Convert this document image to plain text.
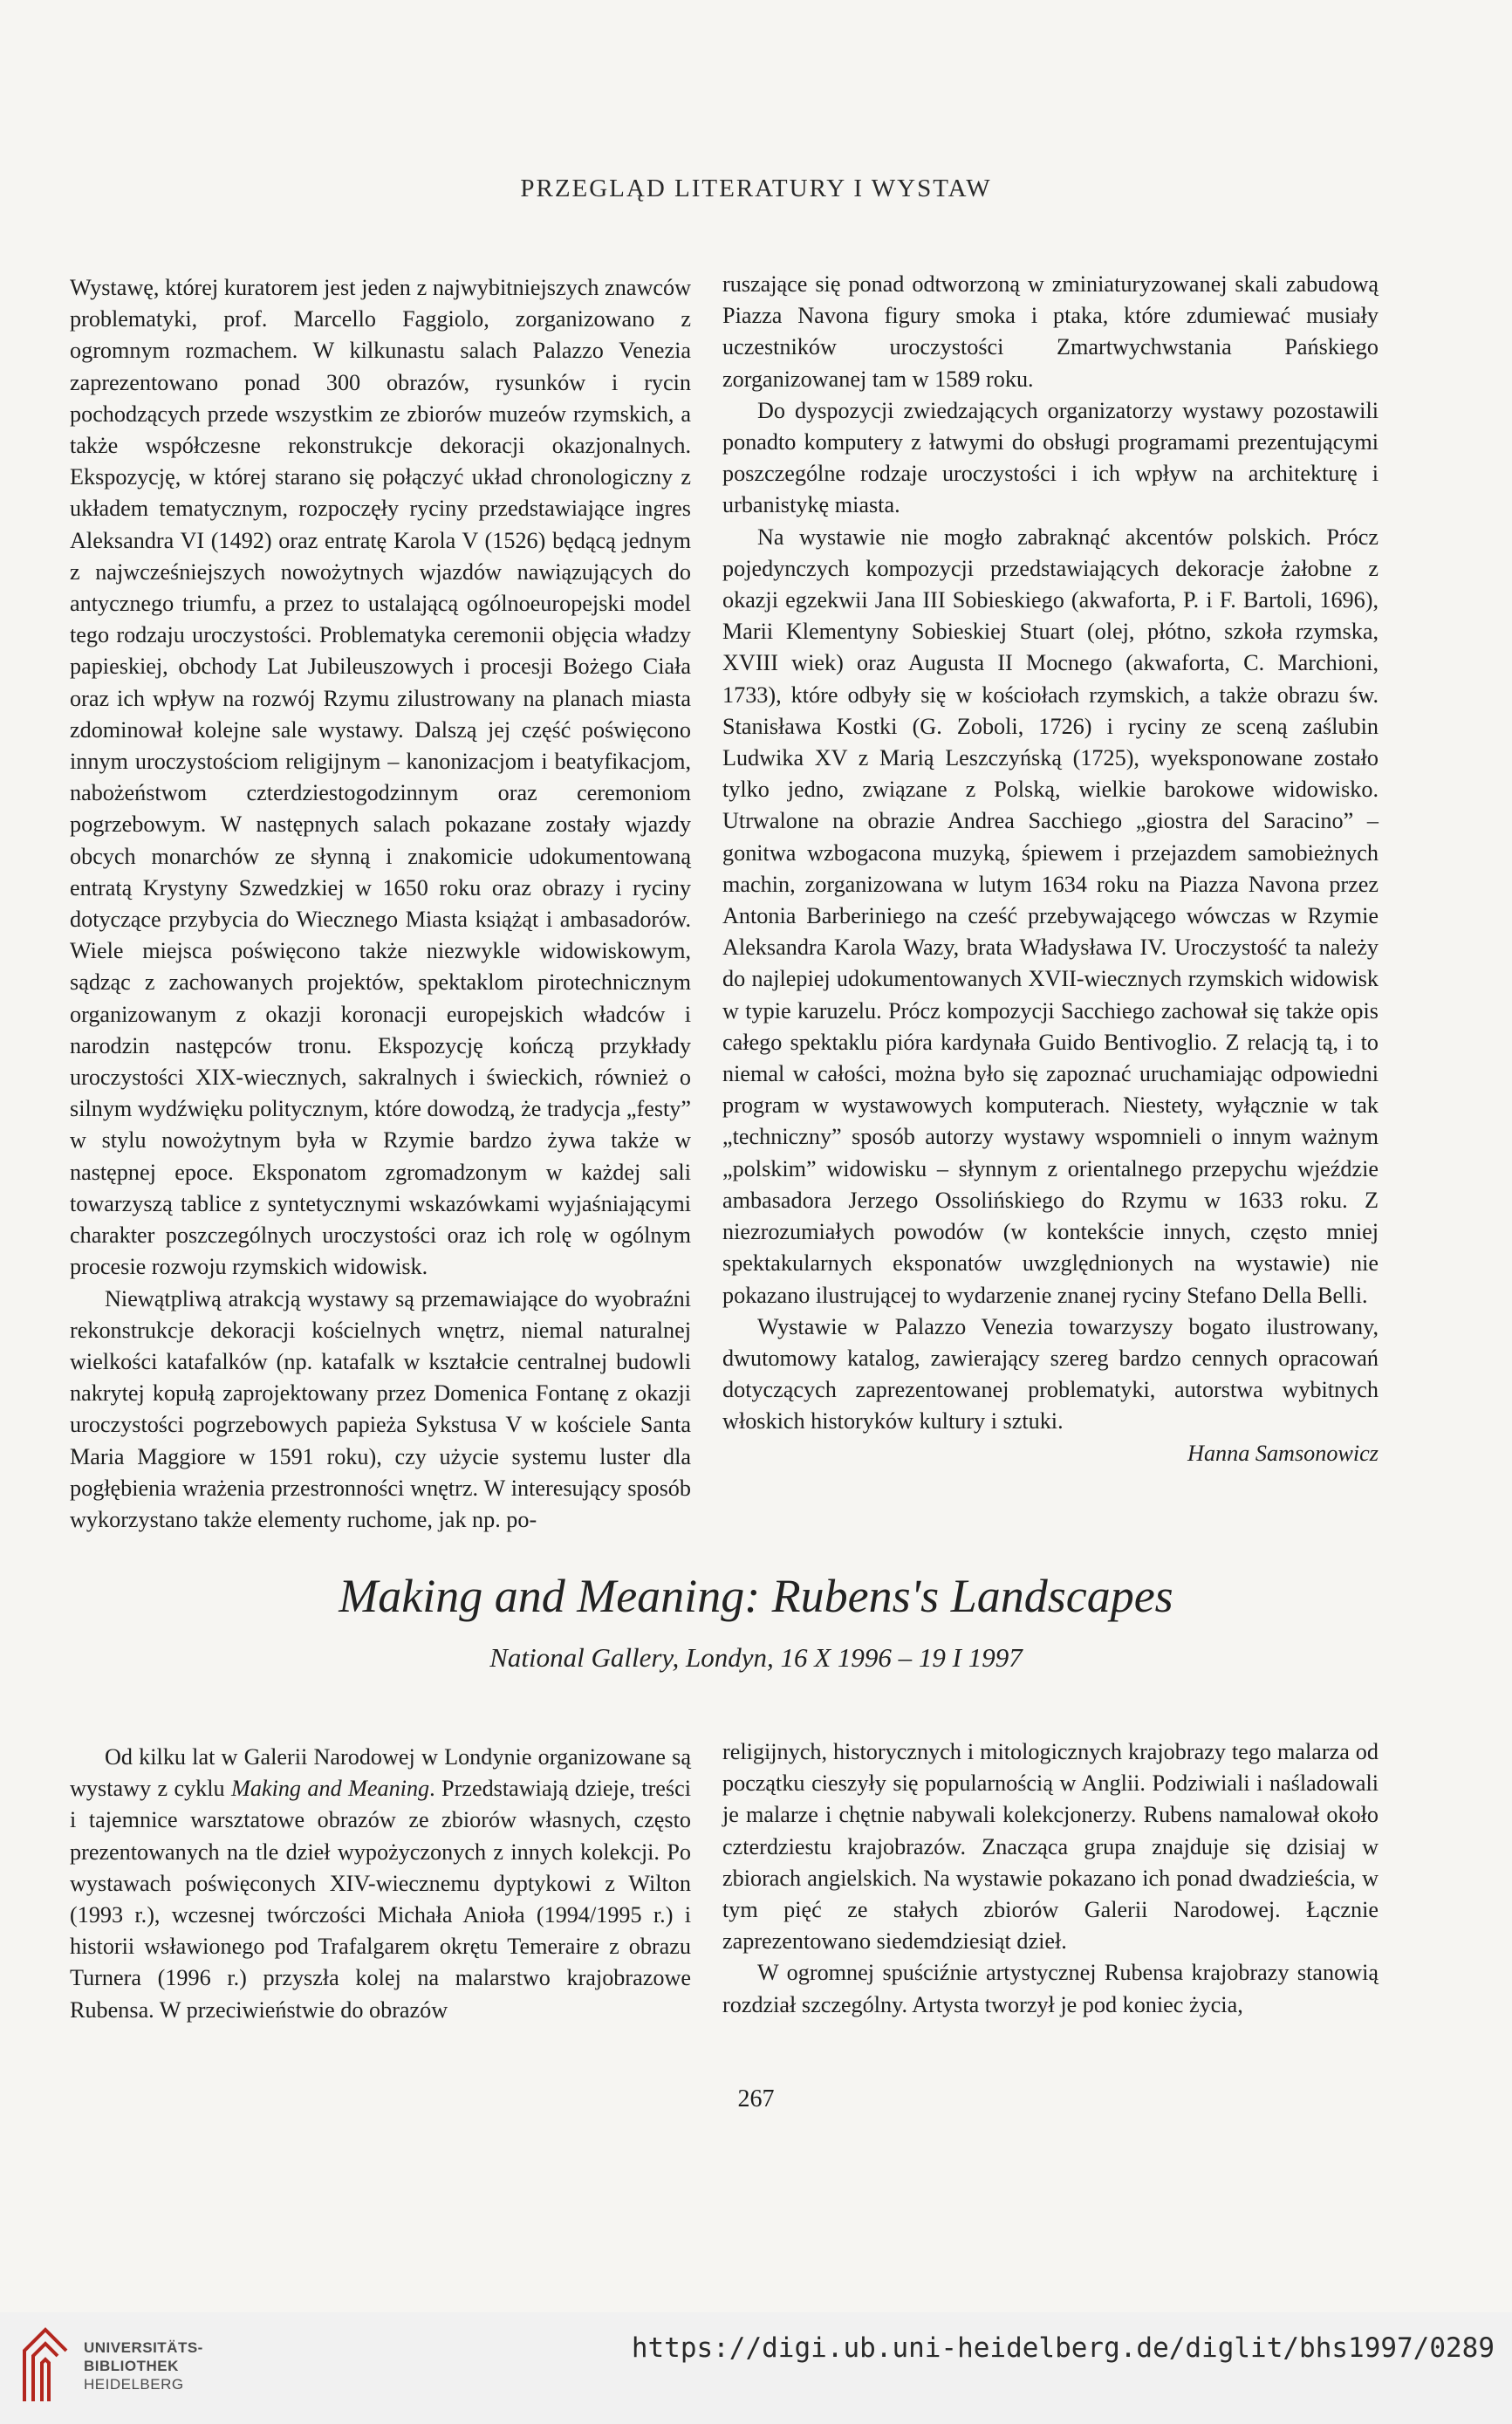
PRZEGLĄD LITERATURY I WYSTAW

Wystawę, której kuratorem jest jeden z najwybitniejszych znawców problematyki, prof. Marcello Faggiolo, zorganizowano z ogromnym rozmachem. W kilkunastu salach Palazzo Venezia zaprezentowano ponad 300 obrazów, rysunków i rycin pochodzących przede wszystkim ze zbiorów muzeów rzymskich, a także współczesne rekonstrukcje dekoracji okazjonalnych. Ekspozycję, w której starano się połączyć układ chronologiczny z układem tematycznym, rozpoczęły ryciny przedstawiające ingres Aleksandra VI (1492) oraz entratę Karola V (1526) będącą jednym z najwcześniejszych nowożytnych wjazdów nawiązujących do antycznego triumfu, a przez to ustalającą ogólnoeuropejski model tego rodzaju uroczystości. Problematyka ceremonii objęcia władzy papieskiej, obchody Lat Jubileuszowych i procesji Bożego Ciała oraz ich wpływ na rozwój Rzymu zilustrowany na planach miasta zdominował kolejne sale wystawy. Dalszą jej część poświęcono innym uroczystościom religijnym – kanonizacjom i beatyfikacjom, nabożeństwom czterdziestogodzinnym oraz ceremoniom pogrzebowym. W następnych salach pokazane zostały wjazdy obcych monarchów ze słynną i znakomicie udokumentowaną entratą Krystyny Szwedzkiej w 1650 roku oraz obrazy i ryciny dotyczące przybycia do Wiecznego Miasta książąt i ambasadorów. Wiele miejsca poświęcono także niezwykle widowiskowym, sądząc z zachowanych projektów, spektaklom pirotechnicznym organizowanym z okazji koronacji europejskich władców i narodzin następców tronu. Ekspozycję kończą przykłady uroczystości XIX-wiecznych, sakralnych i świeckich, również o silnym wydźwięku politycznym, które dowodzą, że tradycja „festy” w stylu nowożytnym była w Rzymie bardzo żywa także w następnej epoce. Eksponatom zgromadzonym w każdej sali towarzyszą tablice z syntetycznymi wskazówkami wyjaśniającymi charakter poszczególnych uroczystości oraz ich rolę w ogólnym procesie rozwoju rzymskich widowisk.

Niewątpliwą atrakcją wystawy są przemawiające do wyobraźni rekonstrukcje dekoracji kościelnych wnętrz, niemal naturalnej wielkości katafalków (np. katafalk w kształcie centralnej budowli nakrytej kopułą zaprojektowany przez Domenica Fontanę z okazji uroczystości pogrzebowych papieża Sykstusa V w kościele Santa Maria Maggiore w 1591 roku), czy użycie systemu luster dla pogłębienia wrażenia przestronności wnętrz. W interesujący sposób wykorzystano także elementy ruchome, jak np. po-

ruszające się ponad odtworzoną w zminiaturyzowanej skali zabudową Piazza Navona figury smoka i ptaka, które zdumiewać musiały uczestników uroczystości Zmartwychwstania Pańskiego zorganizowanej tam w 1589 roku.

Do dyspozycji zwiedzających organizatorzy wystawy pozostawili ponadto komputery z łatwymi do obsługi programami prezentującymi poszczególne rodzaje uroczystości i ich wpływ na architekturę i urbanistykę miasta.

Na wystawie nie mogło zabraknąć akcentów polskich. Prócz pojedynczych kompozycji przedstawiających dekoracje żałobne z okazji egzekwii Jana III Sobieskiego (akwaforta, P. i F. Bartoli, 1696), Marii Klementyny Sobieskiej Stuart (olej, płótno, szkoła rzymska, XVIII wiek) oraz Augusta II Mocnego (akwaforta, C. Marchioni, 1733), które odbyły się w kościołach rzymskich, a także obrazu św. Stanisława Kostki (G. Zoboli, 1726) i ryciny ze sceną zaślubin Ludwika XV z Marią Leszczyńską (1725), wyeksponowane zostało tylko jedno, związane z Polską, wielkie barokowe widowisko. Utrwalone na obrazie Andrea Sacchiego „giostra del Saracino” – gonitwa wzbogacona muzyką, śpiewem i przejazdem samobieżnych machin, zorganizowana w lutym 1634 roku na Piazza Navona przez Antonia Barberiniego na cześć przebywającego wówczas w Rzymie Aleksandra Karola Wazy, brata Władysława IV. Uroczystość ta należy do najlepiej udokumentowanych XVII-wiecznych rzymskich widowisk w typie karuzelu. Prócz kompozycji Sacchiego zachował się także opis całego spektaklu pióra kardynała Guido Bentivoglio. Z relacją tą, i to niemal w całości, można było się zapoznać uruchamiając odpowiedni program w wystawowych komputerach. Niestety, wyłącznie w tak „techniczny” sposób autorzy wystawy wspomnieli o innym ważnym „polskim” widowisku – słynnym z orientalnego przepychu wjeździe ambasadora Jerzego Ossolińskiego do Rzymu w 1633 roku. Z niezrozumiałych powodów (w kontekście innych, często mniej spektakularnych eksponatów uwzględnionych na wystawie) nie pokazano ilustrującej to wydarzenie znanej ryciny Stefano Della Belli.

Wystawie w Palazzo Venezia towarzyszy bogato ilustrowany, dwutomowy katalog, zawierający szereg bardzo cennych opracowań dotyczących zaprezentowanej problematyki, autorstwa wybitnych włoskich historyków kultury i sztuki.

Hanna Samsonowicz

Making and Meaning: Rubens's Landscapes
National Gallery, Londyn, 16 X 1996 – 19 I 1997

Od kilku lat w Galerii Narodowej w Londynie organizowane są wystawy z cyklu Making and Meaning. Przedstawiają dzieje, treści i tajemnice warsztatowe obrazów ze zbiorów własnych, często prezentowanych na tle dzieł wypożyczonych z innych kolekcji. Po wystawach poświęconych XIV-wiecznemu dyptykowi z Wilton (1993 r.), wczesnej twórczości Michała Anioła (1994/1995 r.) i historii wsławionego pod Trafalgarem okrętu Temeraire z obrazu Turnera (1996 r.) przyszła kolej na malarstwo krajobrazowe Rubensa. W przeciwieństwie do obrazów

religijnych, historycznych i mitologicznych krajobrazy tego malarza od początku cieszyły się popularnością w Anglii. Podziwiali i naśladowali je malarze i chętnie nabywali kolekcjonerzy. Rubens namalował około czterdziestu krajobrazów. Znacząca grupa znajduje się dzisiaj w zbiorach angielskich. Na wystawie pokazano ich ponad dwadzieścia, w tym pięć ze stałych zbiorów Galerii Narodowej. Łącznie zaprezentowano siedemdziesiąt dzieł.

W ogromnej spuściźnie artystycznej Rubensa krajobrazy stanowią rozdział szczególny. Artysta tworzył je pod koniec życia,

267
UNIVERSITÄTS-
BIBLIOTHEK
HEIDELBERG
https://digi.ub.uni-heidelberg.de/diglit/bhs1997/0289
